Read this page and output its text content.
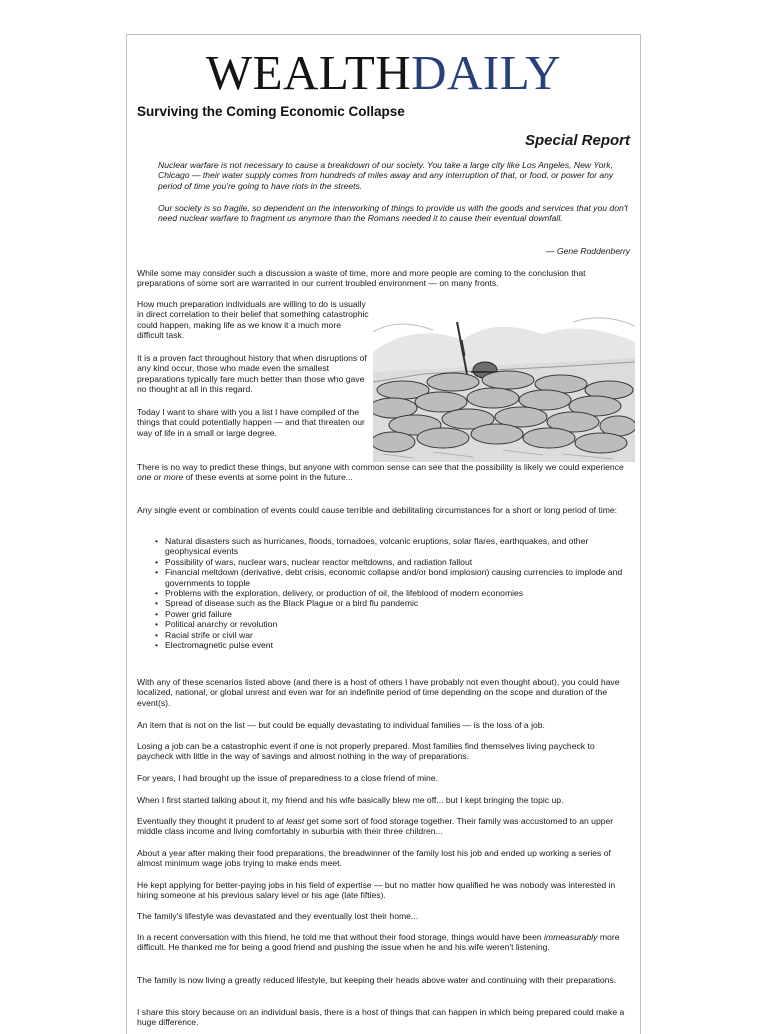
WEALTHDAILY
Surviving the Coming Economic Collapse
Special Report
Nuclear warfare is not necessary to cause a breakdown of our society. You take a large city like Los Angeles, New York, Chicago — their water supply comes from hundreds of miles away and any interruption of that, or food, or power for any period of time you're going to have riots in the streets.
Our society is so fragile, so dependent on the interworking of things to provide us with the goods and services that you don't need nuclear warfare to fragment us anymore than the Romans needed it to cause their eventual downfall.
— Gene Roddenberry
While some may consider such a discussion a waste of time, more and more people are coming to the conclusion that preparations of some sort are warranted in our current troubled environment — on many fronts.
How much preparation individuals are willing to do is usually in direct correlation to their belief that something catastrophic could happen, making life as we know it a much more difficult task.
It is a proven fact throughout history that when disruptions of any kind occur, those who made even the smallest preparations typically fare much better than those who gave no thought at all in this regard.
Today I want to share with you a list I have compiled of the things that could potentially happen — and that threaten our way of life in a small or large degree.
There is no way to predict these things, but anyone with common sense can see that the possibility is likely we could experience one or more of these events at some point in the future...
Any single event or combination of events could cause terrible and debilitating circumstances for a short or long period of time:
• Natural disasters such as hurricanes, floods, tornadoes, volcanic eruptions, solar flares, earthquakes, and other geophysical events
• Possibility of wars, nuclear wars, nuclear reactor meltdowns, and radiation fallout
• Financial meltdown (derivative, debt crisis, economic collapse and/or bond implosion) causing currencies to implode and governments to topple
• Problems with the exploration, delivery, or production of oil, the lifeblood of modern economies
• Spread of disease such as the Black Plague or a bird flu pandemic
• Power grid failure
• Political anarchy or revolution
• Racial strife or civil war
• Electromagnetic pulse event
With any of these scenarios listed above (and there is a host of others I have probably not even thought about), you could have localized, national, or global unrest and even war for an indefinite period of time depending on the scope and duration of the event(s).
An item that is not on the list — but could be equally devastating to individual families — is the loss of a job.
Losing a job can be a catastrophic event if one is not properly prepared. Most families find themselves living paycheck to paycheck with little in the way of savings and almost nothing in the way of preparations.
For years, I had brought up the issue of preparedness to a close friend of mine.
When I first started talking about it, my friend and his wife basically blew me off... but I kept bringing the topic up.
Eventually they thought it prudent to at least get some sort of food storage together. Their family was accustomed to an upper middle class income and living comfortably in suburbia with their three children...
About a year after making their food preparations, the breadwinner of the family lost his job and ended up working a series of almost minimum wage jobs trying to make ends meet.
He kept applying for better-paying jobs in his field of expertise — but no matter how qualified he was nobody was interested in hiring someone at his previous salary level or his age (late fifties).
The family's lifestyle was devastated and they eventually lost their home...
In a recent conversation with this friend, he told me that without their food storage, things would have been immeasurably more difficult. He thanked me for being a good friend and pushing the issue when he and his wife weren't listening.
The family is now living a greatly reduced lifestyle, but keeping their heads above water and continuing with their preparations.
I share this story because on an individual basis, there is a host of things that can happen in which being prepared could make a huge difference.
